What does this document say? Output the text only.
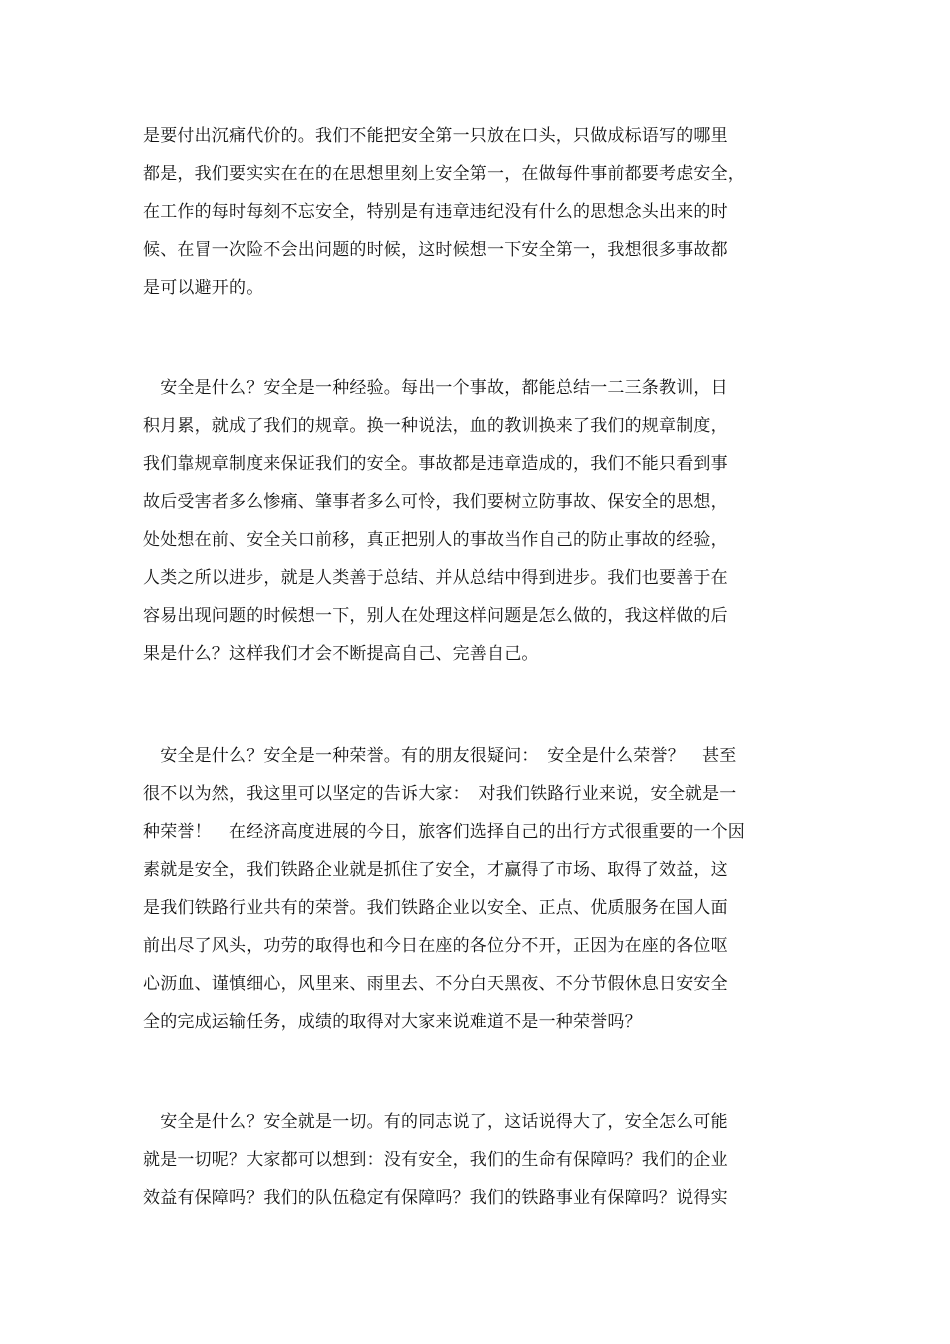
是要付出沉痛代价的。我们不能把安全第一只放在口头，只做成标语写的哪里
都是，我们要实实在在的在思想里刻上安全第一，在做每件事前都要考虑安全，
在工作的每时每刻不忘安全，特别是有违章违纪没有什么的思想念头出来的时
候、在冒一次险不会出问题的时候，这时候想一下安全第一，我想很多事故都
是可以避开的。
　安全是什么？安全是一种经验。每出一个事故，都能总结一二三条教训，日
积月累，就成了我们的规章。换一种说法，血的教训换来了我们的规章制度，
我们靠规章制度来保证我们的安全。事故都是违章造成的，我们不能只看到事
故后受害者多么惨痛、肇事者多么可怜，我们要树立防事故、保安全的思想，
处处想在前、安全关口前移，真正把别人的事故当作自己的防止事故的经验，
人类之所以进步，就是人类善于总结、并从总结中得到进步。我们也要善于在
容易出现问题的时候想一下，别人在处理这样问题是怎么做的，我这样做的后
果是什么？这样我们才会不断提高自己、完善自己。
　安全是什么？安全是一种荣誉。有的朋友很疑问：　安全是什么荣誉？　甚至
很不以为然，我这里可以坚定的告诉大家：　对我们铁路行业来说，安全就是一
种荣誉！　在经济高度进展的今日，旅客们选择自己的出行方式很重要的一个因
素就是安全，我们铁路企业就是抓住了安全，才赢得了市场、取得了效益，这
是我们铁路行业共有的荣誉。我们铁路企业以安全、正点、优质服务在国人面
前出尽了风头，功劳的取得也和今日在座的各位分不开，正因为在座的各位呕
心沥血、谨慎细心，风里来、雨里去、不分白天黑夜、不分节假休息日安安全
全的完成运输任务，成绩的取得对大家来说难道不是一种荣誉吗？
　安全是什么？安全就是一切。有的同志说了，这话说得大了，安全怎么可能
就是一切呢？大家都可以想到：没有安全，我们的生命有保障吗？我们的企业
效益有保障吗？我们的队伍稳定有保障吗？我们的铁路事业有保障吗？说得实
